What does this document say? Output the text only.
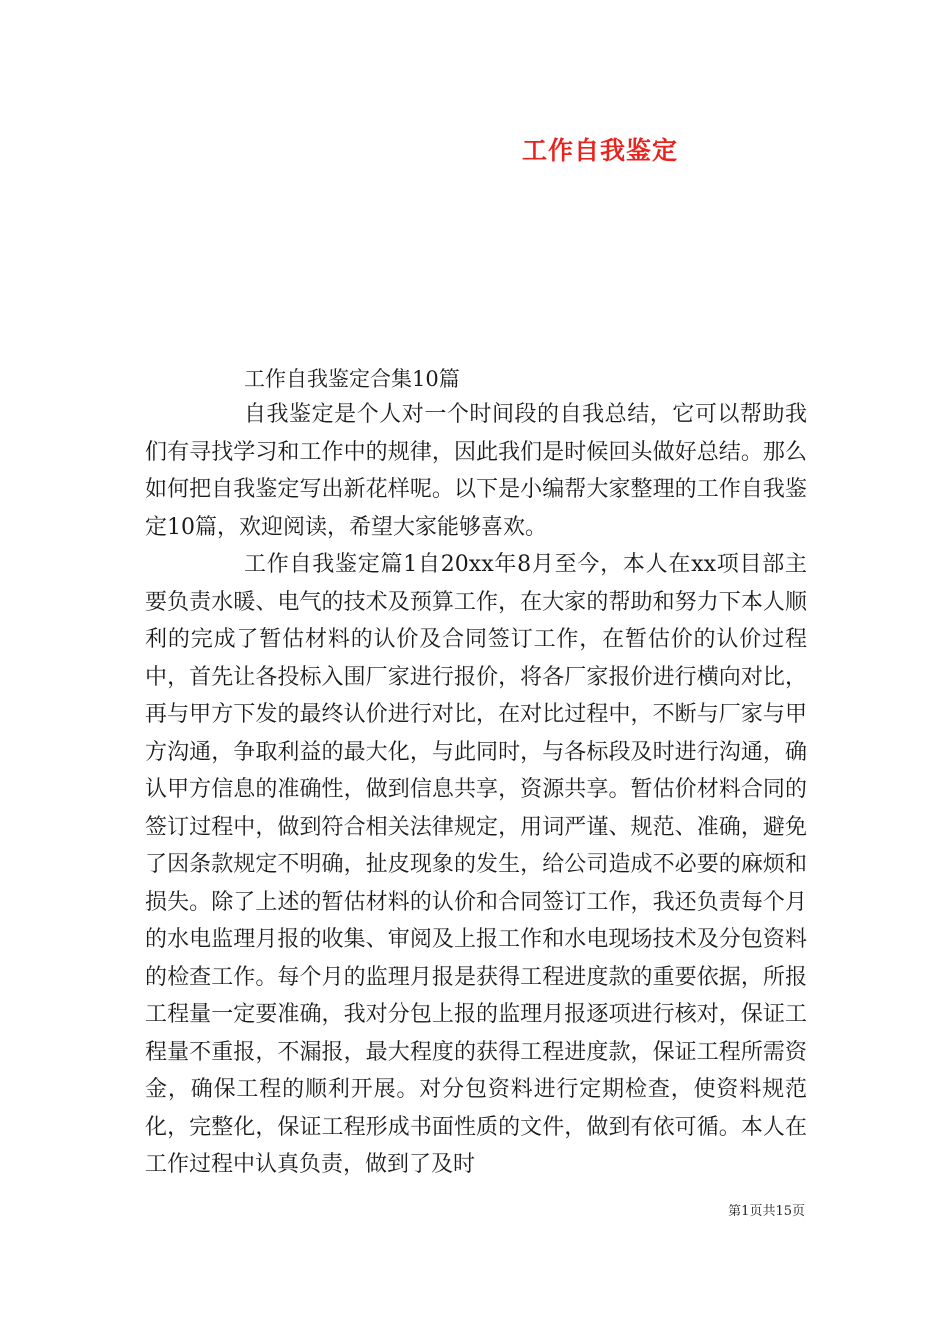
工作自我鉴定

工作自我鉴定合集10篇

自我鉴定是个人对一个时间段的自我总结，它可以帮助我们有寻找学习和工作中的规律，因此我们是时候回头做好总结。那么如何把自我鉴定写出新花样呢。以下是小编帮大家整理的工作自我鉴定10篇，欢迎阅读，希望大家能够喜欢。

工作自我鉴定篇1自20xx年8月至今，本人在xx项目部主要负责水暖、电气的技术及预算工作，在大家的帮助和努力下本人顺利的完成了暂估材料的认价及合同签订工作，在暂估价的认价过程中，首先让各投标入围厂家进行报价，将各厂家报价进行横向对比，再与甲方下发的最终认价进行对比，在对比过程中，不断与厂家与甲方沟通，争取利益的最大化，与此同时，与各标段及时进行沟通，确认甲方信息的准确性，做到信息共享，资源共享。暂估价材料合同的签订过程中，做到符合相关法律规定，用词严谨、规范、准确，避免了因条款规定不明确，扯皮现象的发生，给公司造成不必要的麻烦和损失。除了上述的暂估材料的认价和合同签订工作，我还负责每个月的水电监理月报的收集、审阅及上报工作和水电现场技术及分包资料的检查工作。每个月的监理月报是获得工程进度款的重要依据，所报工程量一定要准确，我对分包上报的监理月报逐项进行核对，保证工程量不重报，不漏报，最大程度的获得工程进度款，保证工程所需资金，确保工程的顺利开展。对分包资料进行定期检查，使资料规范化，完整化，保证工程形成书面性质的文件，做到有依可循。本人在工作过程中认真负责，做到了及时

第1页共15页
